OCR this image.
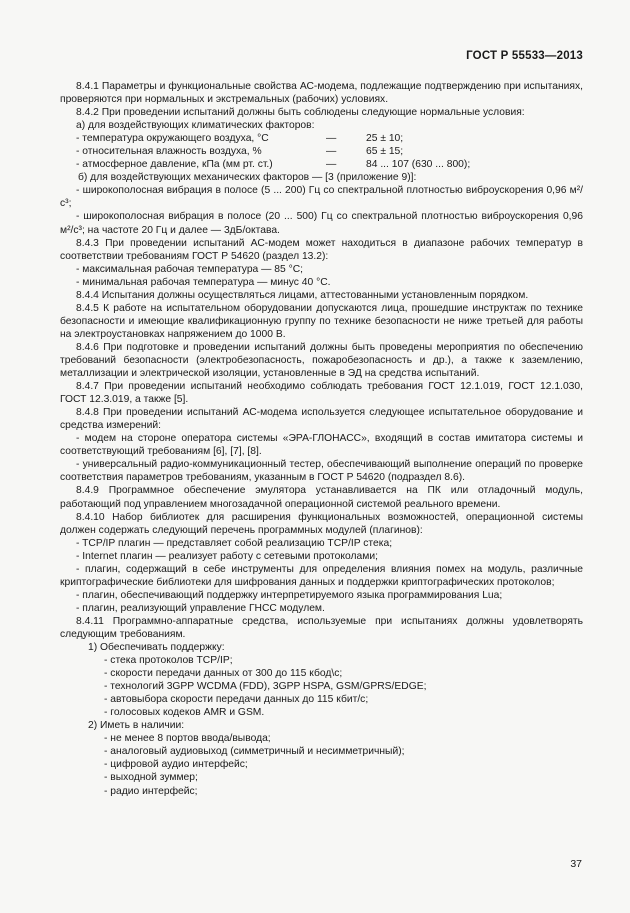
ГОСТ Р 55533—2013

8.4.1 Параметры и функциональные свойства АС-модема, подлежащие подтверждению при испытаниях, проверяются при нормальных и экстремальных (рабочих) условиях.

8.4.2 При проведении испытаний должны быть соблюдены следующие нормальные условия:

а) для воздействующих климатических факторов:

- температура окружающего воздуха, °С	—	25 ± 10;
- относительная влажность воздуха, %	—	65 ± 15;
- атмосферное давление, кПа (мм рт. ст.)	—	84 ... 107 (630 ... 800);

б) для воздействующих механических факторов — [3 (приложение 9)]:

- широкополосная вибрация в полосе (5 ... 200) Гц со спектральной плотностью виброускорения 0,96 м²/с³;

- широкополосная вибрация в полосе (20 ... 500) Гц со спектральной плотностью виброускорения 0,96 м²/с³; на частоте 20 Гц и далее — 3дБ/октава.

8.4.3 При проведении испытаний АС-модем может находиться в диапазоне рабочих температур в соответствии требованиям ГОСТ Р 54620 (раздел 13.2):

- максимальная рабочая температура — 85 °С;

- минимальная рабочая температура — минус 40 °С.

8.4.4 Испытания должны осуществляться лицами, аттестованными установленным порядком.

8.4.5 К работе на испытательном оборудовании допускаются лица, прошедшие инструктаж по технике безопасности и имеющие квалификационную группу по технике безопасности не ниже третьей для работы на электроустановках напряжением до 1000 В.

8.4.6 При подготовке и проведении испытаний должны быть проведены мероприятия по обеспечению требований безопасности (электробезопасность, пожаробезопасность и др.), а также к заземлению, металлизации и электрической изоляции, установленные в ЭД на средства испытаний.

8.4.7 При проведении испытаний необходимо соблюдать требования ГОСТ 12.1.019, ГОСТ 12.1.030, ГОСТ 12.3.019, а также [5].

8.4.8 При проведении испытаний АС-модема используется следующее испытательное оборудование и средства измерений:

- модем на стороне оператора системы «ЭРА-ГЛОНАСС», входящий в состав имитатора системы и соответствующий требованиям [6], [7], [8].

- универсальный радио-коммуникационный тестер, обеспечивающий выполнение операций по проверке соответствия параметров требованиям, указанным в ГОСТ Р 54620 (подраздел 8.6).

8.4.9 Программное обеспечение эмулятора устанавливается на ПК или отладочный модуль, работающий под управлением многозадачной операционной системой реального времени.

8.4.10 Набор библиотек для расширения функциональных возможностей, операционной системы должен содержать следующий перечень программных модулей (плагинов):

- TCP/IP плагин — представляет собой реализацию TCP/IP стека;

- Internet плагин — реализует работу с сетевыми протоколами;

- плагин, содержащий в себе инструменты для определения влияния помех на модуль, различные криптографические библиотеки для шифрования данных и поддержки криптографических протоколов;

- плагин, обеспечивающий поддержку интерпретируемого языка программирования Lua;

- плагин, реализующий управление ГНСС модулем.

8.4.11 Программно-аппаратные средства, используемые при испытаниях должны удовлетворять следующим требованиям.

1) Обеспечивать поддержку:

- стека протоколов TCP/IP;

- скорости передачи данных от 300 до 115 кбод\с;

- технологий 3GPP WCDMA (FDD), 3GPP HSPA, GSM/GPRS/EDGE;

- автовыбора скорости передачи данных до 115 кбит/с;

- голосовых кодеков AMR и GSM.

2) Иметь в наличии:

- не менее 8 портов ввода/вывода;

- аналоговый аудиовыход (симметричный и несимметричный);

- цифровой аудио интерфейс;

- выходной зуммер;

- радио интерфейс;

37
